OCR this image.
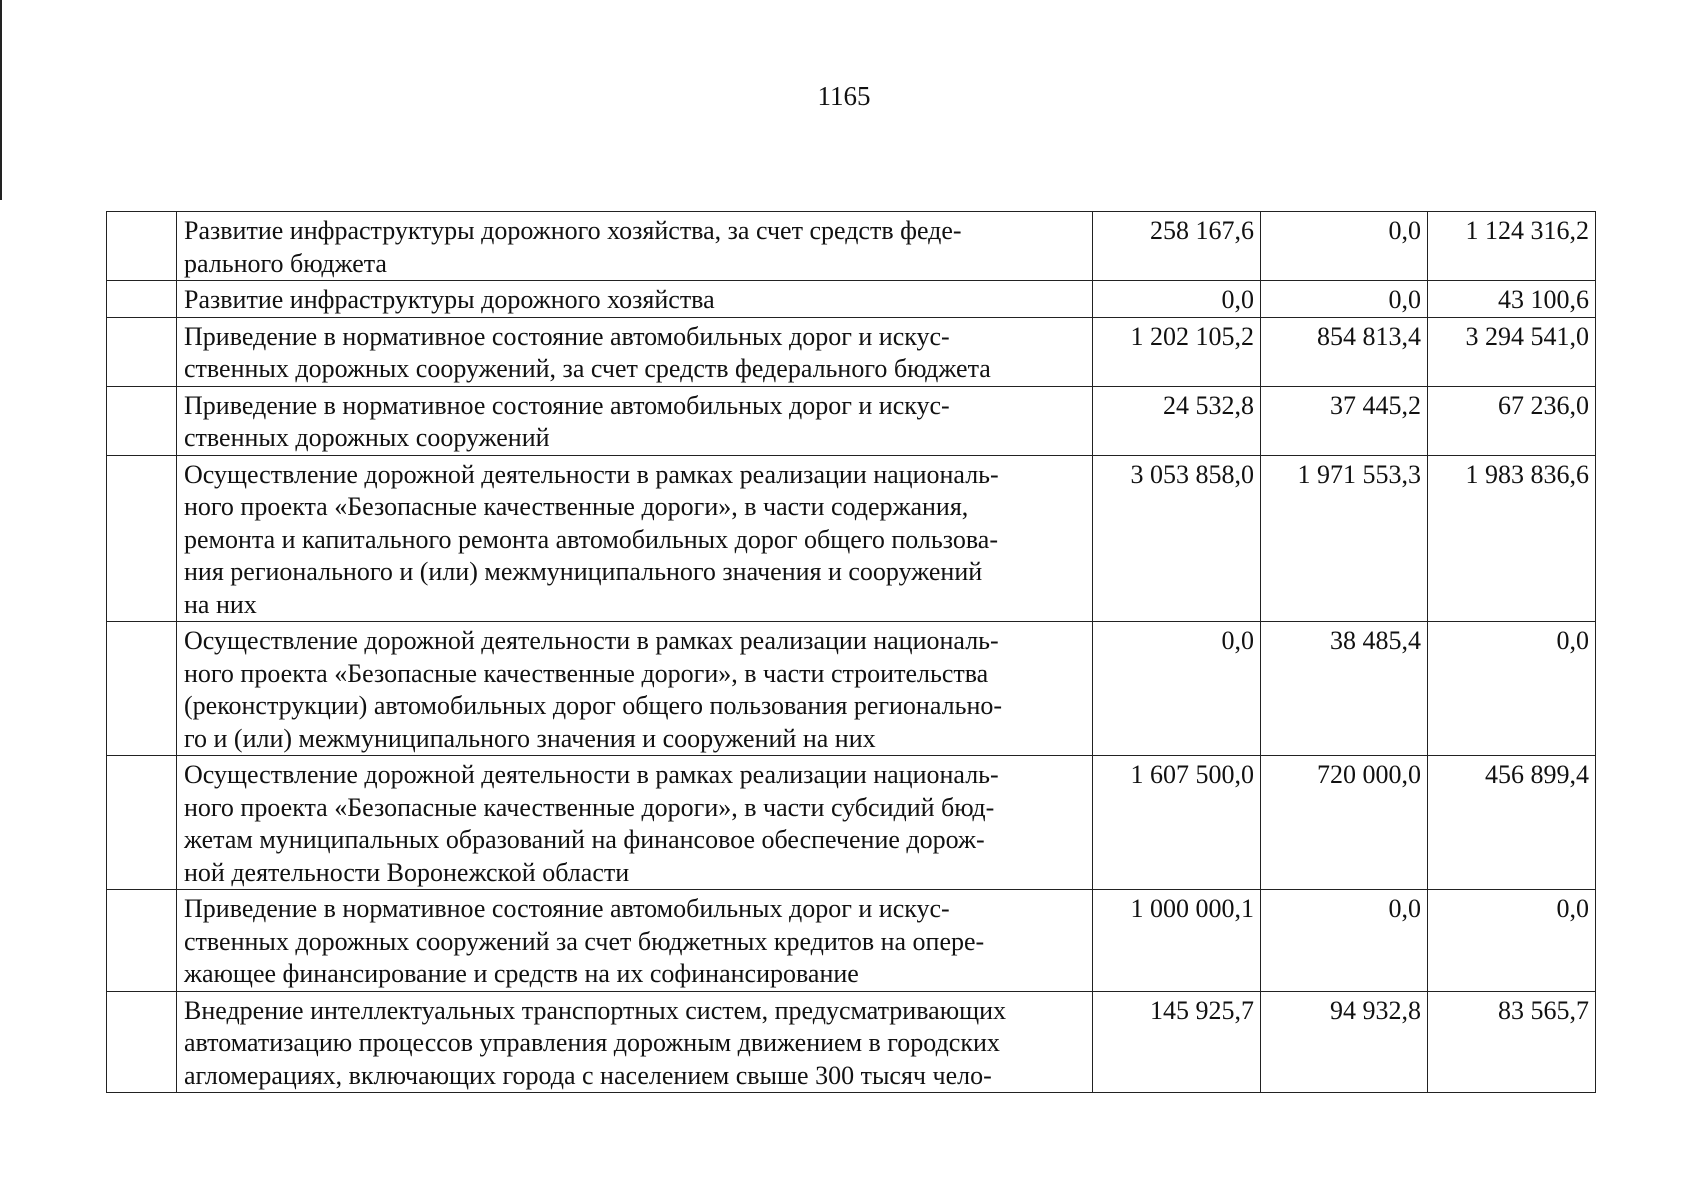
1165

	Развитие инфраструктуры дорожного хозяйства, за счет средств феде-
рального бюджета	258 167,6	0,0	1 124 316,2

	Развитие инфраструктуры дорожного хозяйства	0,0	0,0	43 100,6

	Приведение в нормативное состояние автомобильных дорог и искус-
ственных дорожных сооружений, за счет средств федерального бюджета	1 202 105,2	854 813,4	3 294 541,0

	Приведение в нормативное состояние автомобильных дорог и искус-
ственных дорожных сооружений	24 532,8	37 445,2	67 236,0

	Осуществление дорожной деятельности в рамках реализации националь-
ного проекта «Безопасные качественные дороги», в части содержания,
ремонта и капитального ремонта автомобильных дорог общего пользова-
ния регионального и (или) межмуниципального значения и сооружений
на них	3 053 858,0	1 971 553,3	1 983 836,6

	Осуществление дорожной деятельности в рамках реализации националь-
ного проекта «Безопасные качественные дороги», в части строительства
(реконструкции) автомобильных дорог общего пользования регионально-
го и (или) межмуниципального значения и сооружений на них	0,0	38 485,4	0,0

	Осуществление дорожной деятельности в рамках реализации националь-
ного проекта «Безопасные качественные дороги», в части субсидий бюд-
жетам муниципальных образований на финансовое обеспечение дорож-
ной деятельности Воронежской области	1 607 500,0	720 000,0	456 899,4

	Приведение в нормативное состояние автомобильных дорог и искус-
ственных дорожных сооружений за счет бюджетных кредитов на опере-
жающее финансирование и средств на их софинансирование	1 000 000,1	0,0	0,0

	Внедрение интеллектуальных транспортных систем, предусматривающих
автоматизацию процессов управления дорожным движением в городских
агломерациях, включающих города с населением свыше 300 тысяч чело-	145 925,7	94 932,8	83 565,7
